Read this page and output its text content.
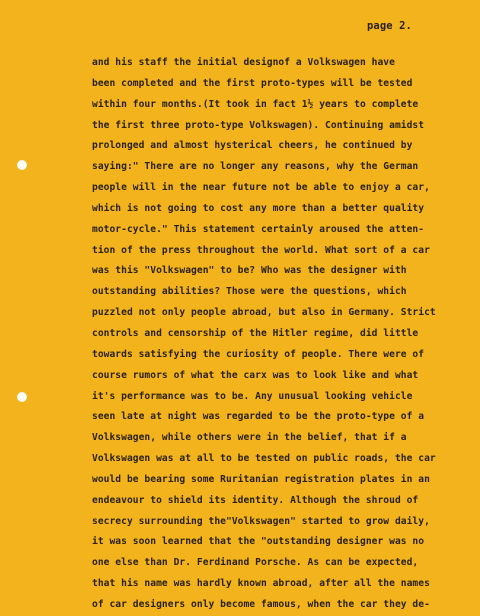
page 2.
and his staff the initial designof a Volkswagen have
been completed and the first proto-types will be tested
within four months.(It took in fact 1½ years to complete
the first three proto-type Volkswagen). Continuing amidst
prolonged and almost hysterical cheers, he continued by
saying:" There are no longer any reasons, why the German
people will in the near future not be able to enjoy a car,
which is not going to cost any more than a better quality
motor-cycle." This statement certainly aroused the atten-
tion of the press throughout the world. What sort of a car
was this "Volkswagen" to be? Who was the designer with
outstanding abilities? Those were the questions, which
puzzled not only people abroad, but also in Germany. Strict
controls and censorship of the Hitler regime, did little
towards satisfying the curiosity of people. There were of
course rumors of what the carx was to look like and what
it's performance was to be. Any unusual looking vehicle
seen late at night was regarded to be the proto-type of a
Volkswagen, while others were in the belief, that if a
Volkswagen was at all to be tested on public roads, the car
would be bearing some Ruritanian registration plates in an
endeavour to shield its identity. Although the shroud of
secrecy surrounding the"Volkswagen" started to grow daily,
it was soon learned that the "outstanding designer was no
one else than Dr. Ferdinand Porsche. As can be expected,
that his name was hardly known abroad, after all the names
of car designers only become famous, when the car they de-
